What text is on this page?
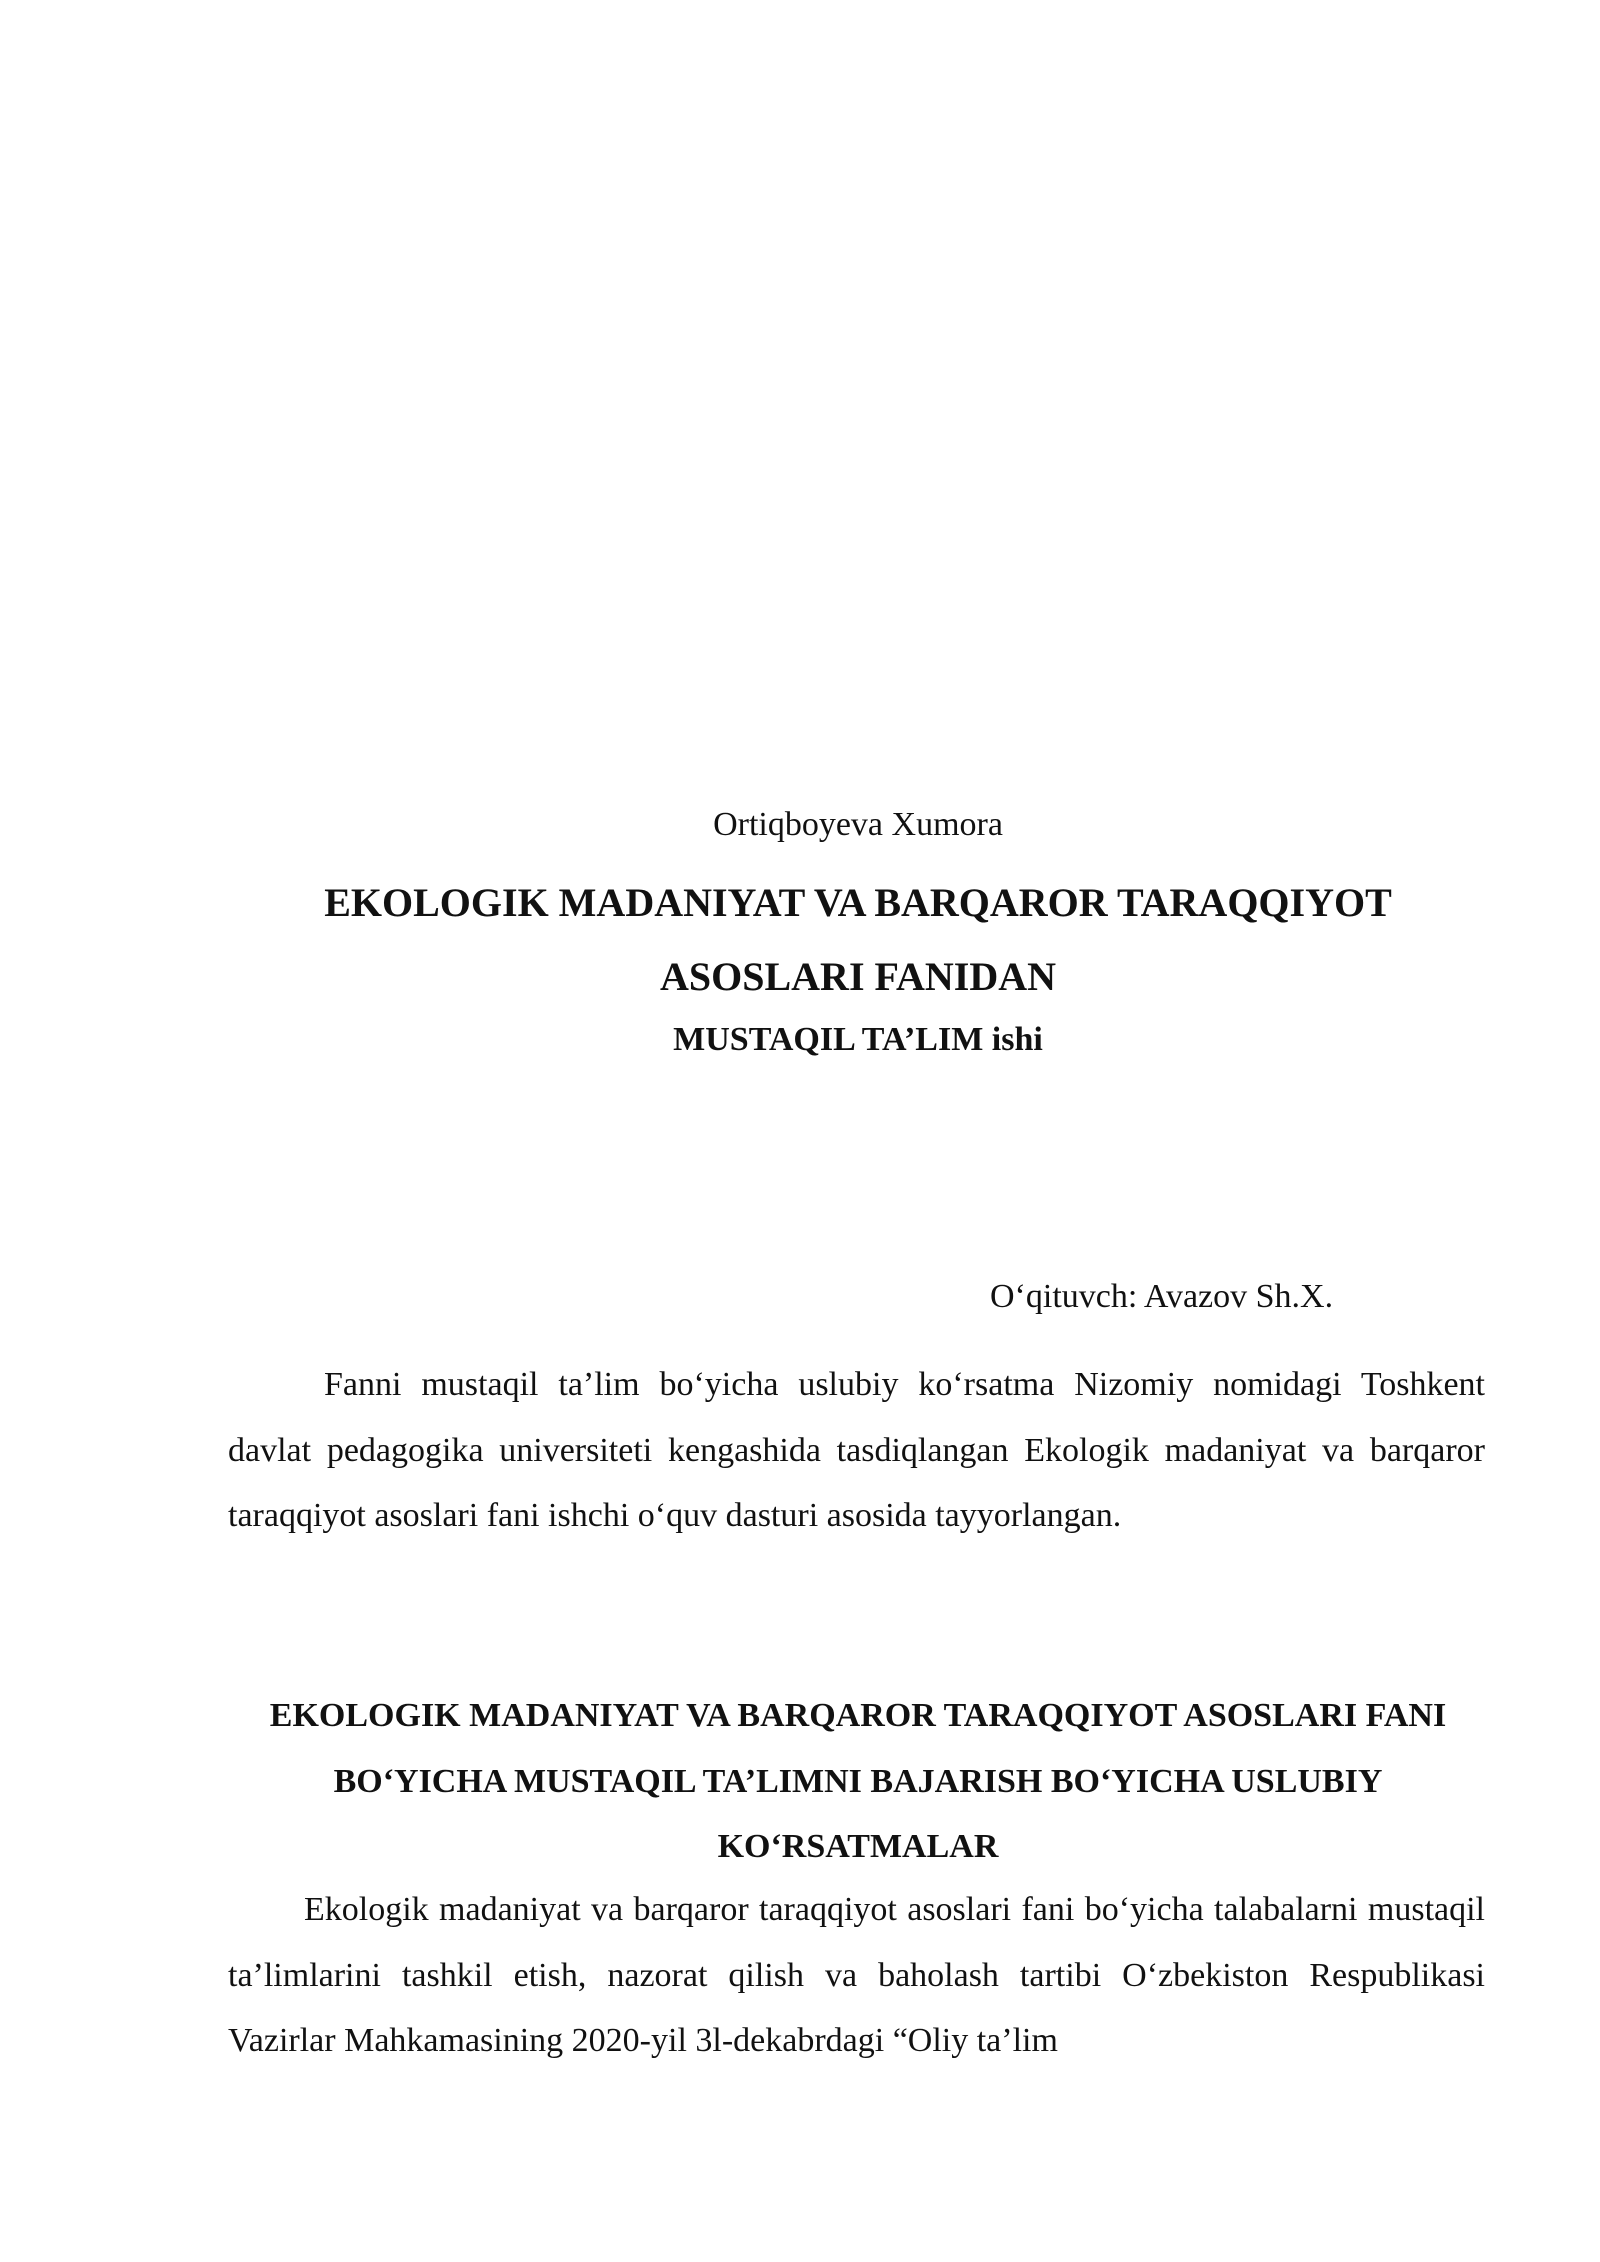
Ortiqboyeva Xumora

EKOLOGIK MADANIYAT VA BARQAROR TARAQQIYOT ASOSLARI FANIDAN

MUSTAQIL TA’LIM ishi

O‘qituvch: Avazov Sh.X.

Fanni mustaqil ta’lim bo‘yicha uslubiy ko‘rsatma Nizomiy nomidagi Toshkent davlat pedagogika universiteti kengashida tasdiqlangan Ekologik madaniyat va barqaror taraqqiyot asoslari fani ishchi o‘quv dasturi asosida tayyorlangan.

EKOLOGIK MADANIYAT VA BARQAROR TARAQQIYOT ASOSLARI FANI BO‘YICHA MUSTAQIL TA’LIMNI BAJARISH BO‘YICHA USLUBIY KO‘RSATMALAR

Ekologik madaniyat va barqaror taraqqiyot asoslari fani bo‘yicha talabalarni mustaqil ta’limlarini tashkil etish, nazorat qilish va baholash tartibi O‘zbekiston Respublikasi Vazirlar Mahkamasining 2020-yil 3l-dekabrdagi “Oliy ta’lim
